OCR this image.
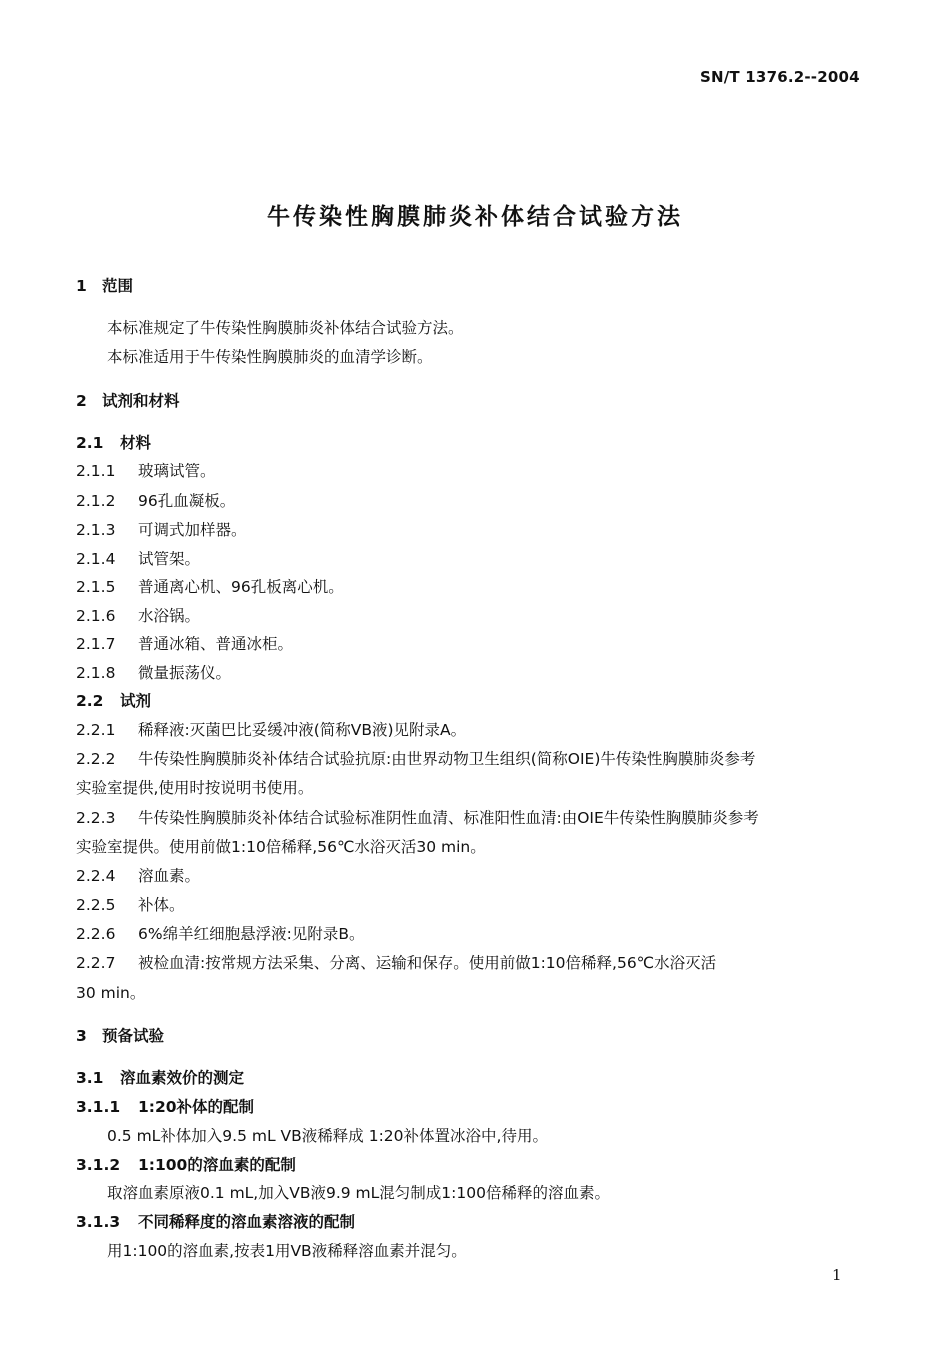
SN/T 1376.2--2004
牛传染性胸膜肺炎补体结合试验方法
1 范围
本标准规定了牛传染性胸膜肺炎补体结合试验方法。
本标准适用于牛传染性胸膜肺炎的血清学诊断。
2 试剂和材料
2.1 材料
2.1.1 玻璃试管。
2.1.2 96孔血凝板。
2.1.3 可调式加样器。
2.1.4 试管架。
2.1.5 普通离心机、96孔板离心机。
2.1.6 水浴锅。
2.1.7 普通冰箱、普通冰柜。
2.1.8 微量振荡仪。
2.2 试剂
2.2.1 稀释液:灭菌巴比妥缓冲液(简称VB液)见附录A。
2.2.2 牛传染性胸膜肺炎补体结合试验抗原:由世界动物卫生组织(简称OIE)牛传染性胸膜肺炎参考
实验室提供,使用时按说明书使用。
2.2.3 牛传染性胸膜肺炎补体结合试验标准阴性血清、标准阳性血清:由OIE牛传染性胸膜肺炎参考
实验室提供。使用前做1:10倍稀释,56℃水浴灭活30 min。
2.2.4 溶血素。
2.2.5 补体。
2.2.6 6%绵羊红细胞悬浮液:见附录B。
2.2.7 被检血清:按常规方法采集、分离、运输和保存。使用前做1:10倍稀释,56℃水浴灭活
30 min。
3 预备试验
3.1 溶血素效价的测定
3.1.1 1:20补体的配制
0.5 mL补体加入9.5 mL VB液稀释成 1:20补体置冰浴中,待用。
3.1.2 1:100的溶血素的配制
取溶血素原液0.1 mL,加入VB液9.9 mL混匀制成1:100倍稀释的溶血素。
3.1.3 不同稀释度的溶血素溶液的配制
用1:100的溶血素,按表1用VB液稀释溶血素并混匀。
1
